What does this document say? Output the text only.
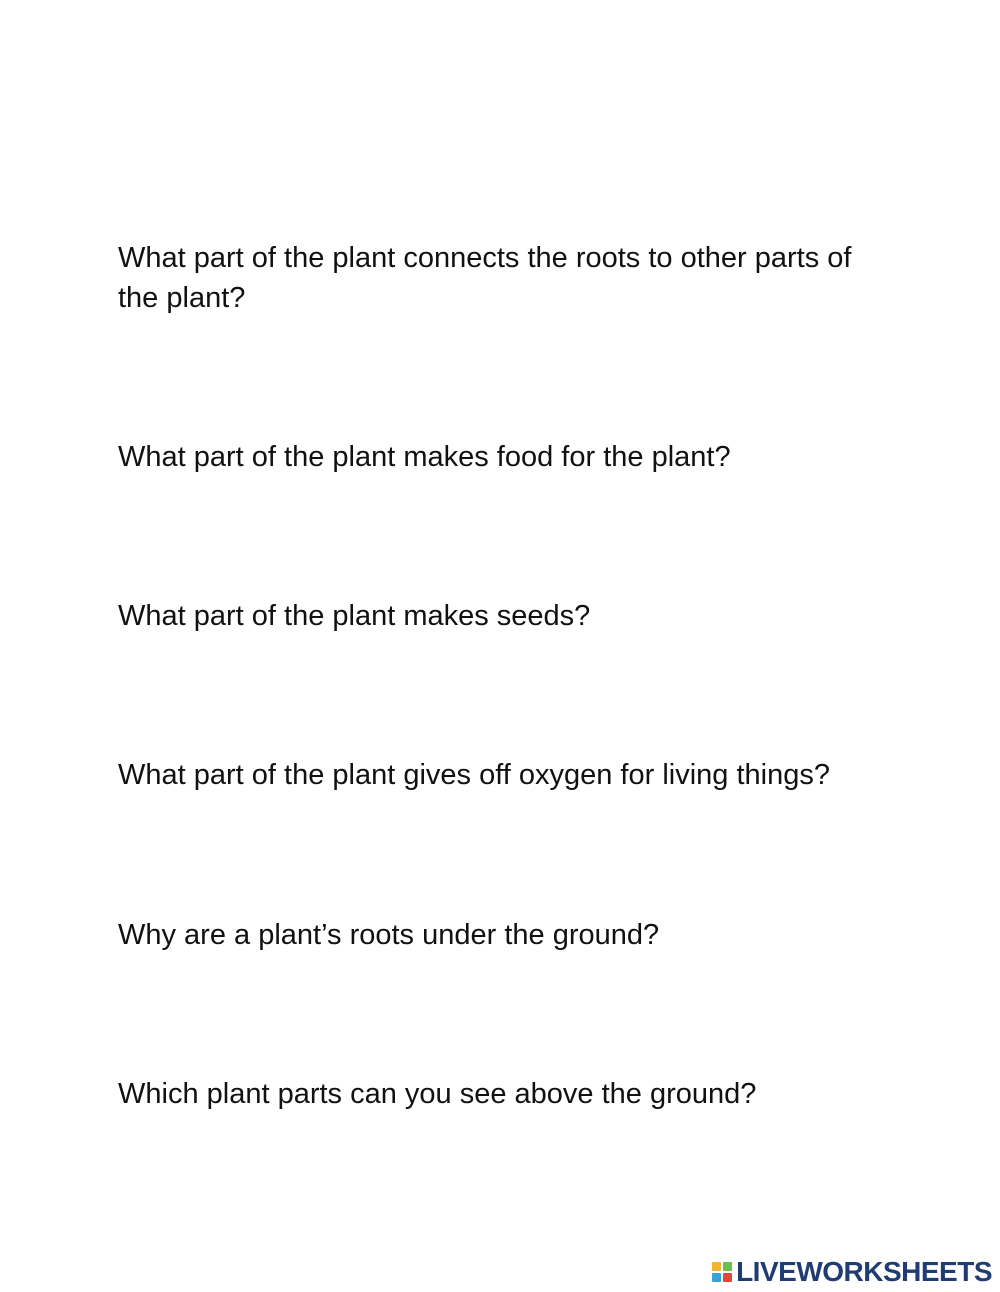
What part of the plant connects the roots to other parts of the plant?

What part of the plant makes food for the plant?

What part of the plant makes seeds?

What part of the plant gives off oxygen for living things?

Why are a plant’s roots under the ground?

Which plant parts can you see above the ground?

LIVEWORKSHEETS
